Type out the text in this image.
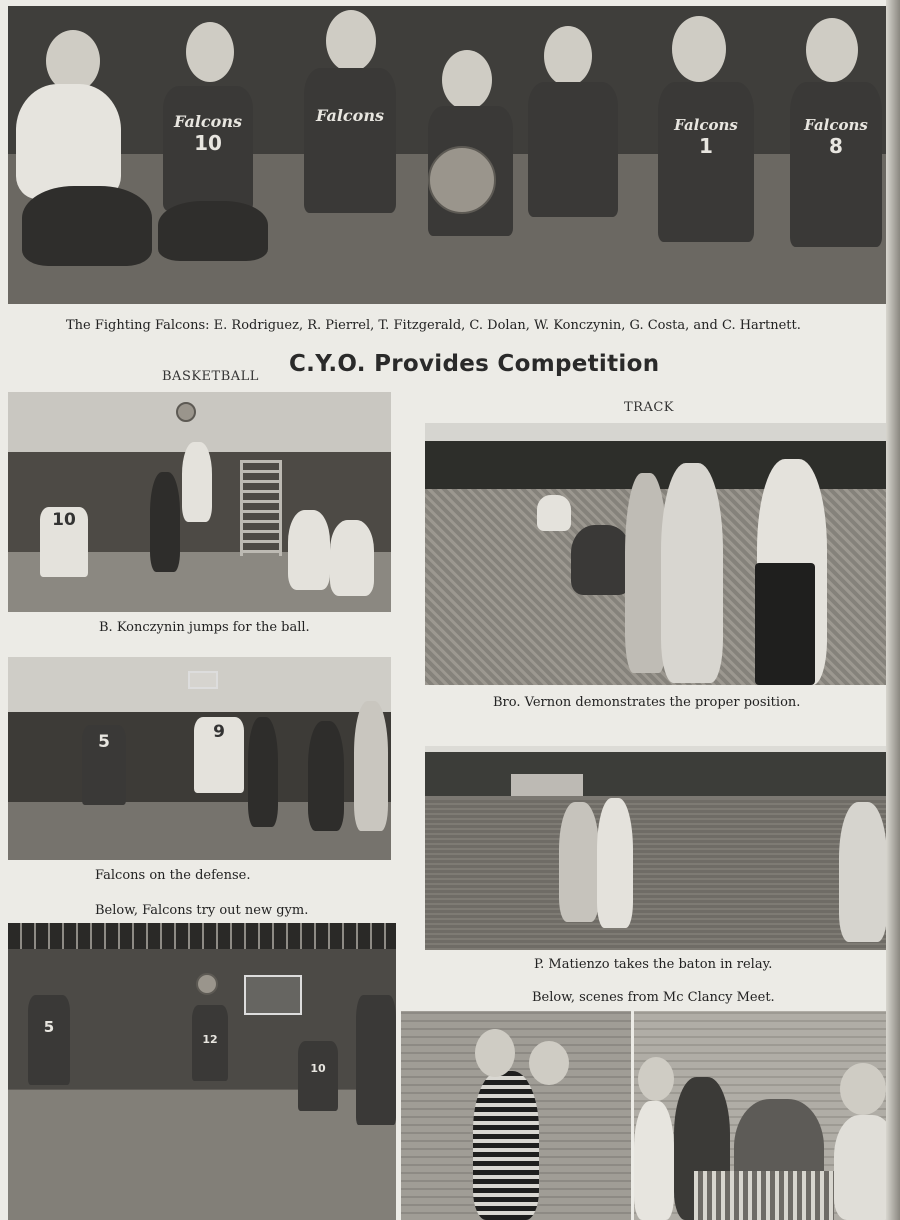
Falcons
10
Falcons	Falcons
1
Falcons
8
The Fighting Falcons: E. Rodriguez, R. Pierrel, T. Fitzgerald, C. Dolan, W. Konczynin, G. Costa, and C. Hartnett.
BASKETBALL C.Y.O. Provides Competition
TRACK
10
B. Konczynin jumps for the ball.
Bro. Vernon demonstrates the proper position.
5	9
Falcons on the defense.
Below, Falcons try out new gym.
P. Matienzo takes the baton in relay.
Below, scenes from Mc Clancy Meet.
5
12
10
